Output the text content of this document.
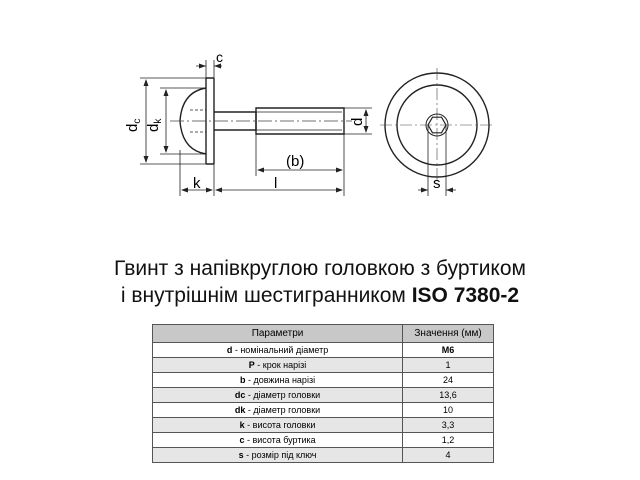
c
$d_c$
$d_k$
(b)
d
k	l	s
Гвинт з напівкруглою головкою з буртиком
і внутрішнім шестигранником ISO 7380-2
Параметри	Значення (мм)
d - номінальний діаметр	M6
P - крок нарізі	1
b - довжина нарізі	24
dc - діаметр головки	13,6
dk - діаметр головки	10
k - висота головки	3,3
c - висота буртика	1,2
s - розмір під ключ	4
